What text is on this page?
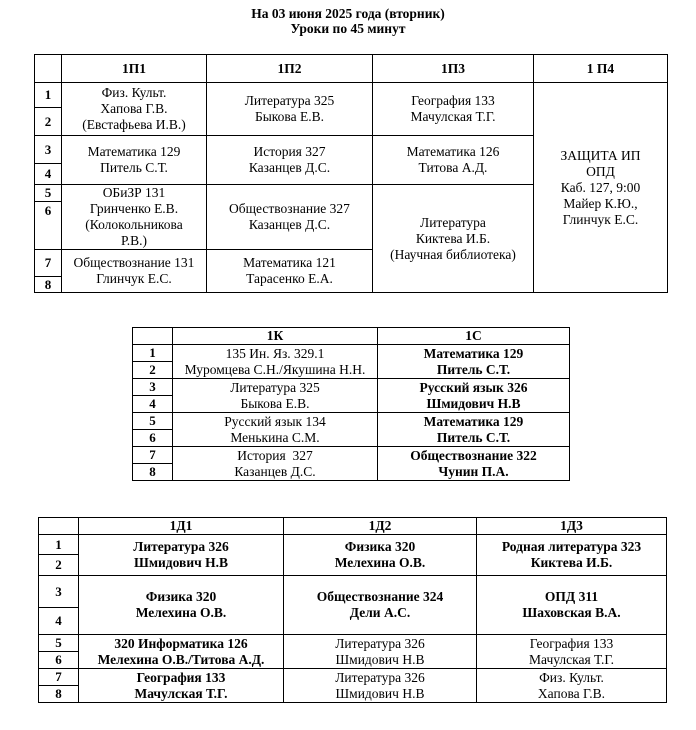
На 03 июня 2025 года (вторник)
Уроки по 45 минут
	1П1	1П2	1П3	1 П4
1	Физ. Культ.
Хапова Г.В.
(Евстафьева И.В.)	Литература 325
Быкова Е.В.	География 133
Мачулская Т.Г.	ЗАЩИТА ИП
ОПД
Каб. 127, 9:00
Майер К.Ю.,
Глинчук Е.С.

2				
3	Математика 129
Питель С.Т.	История 327
Казанцев Д.С.	Математика 126
Титова А.Д.	

4				
5	ОБиЗР 131
Гринченко Е.В.
(Колокольникова
Р.В.)	Обществознание 327
Казанцев Д.С.	Литература
Киктева И.Б.
(Научная библиотека)	

6				
7	Обществознание 131
Глинчук Е.С.	Математика 121
Тарасенко Е.А.		

8				
	1К	1С
1	135 Ин. Яз. 329.1
Муромцева С.Н./Якушина Н.Н.	Математика 129
Питель С.Т.

2		
3	Литература 325
Быкова Е.В.	Русский язык 326
Шмидович Н.В

4		
5	Русский язык 134
Менькина С.М.	Математика 129
Питель С.Т.

6		
7	История  327
Казанцев Д.С.	Обществознание 322
Чунин П.А.

8		
	1Д1	1Д2	1Д3
1	Литература 326
Шмидович Н.В	Физика 320
Мелехина О.В.	Родная литература 323
Киктева И.Б.

2			
3	Физика 320
Мелехина О.В.	Обществознание 324
Дели А.С.	ОПД 311
Шаховская В.А.

4			
5	320 Информатика 126
Мелехина О.В./Титова А.Д.	Литература 326
Шмидович Н.В	География 133
Мачулская Т.Г.

6			
7	География 133
Мачулская Т.Г.	Литература 326
Шмидович Н.В	Физ. Культ.
Хапова Г.В.

8			
